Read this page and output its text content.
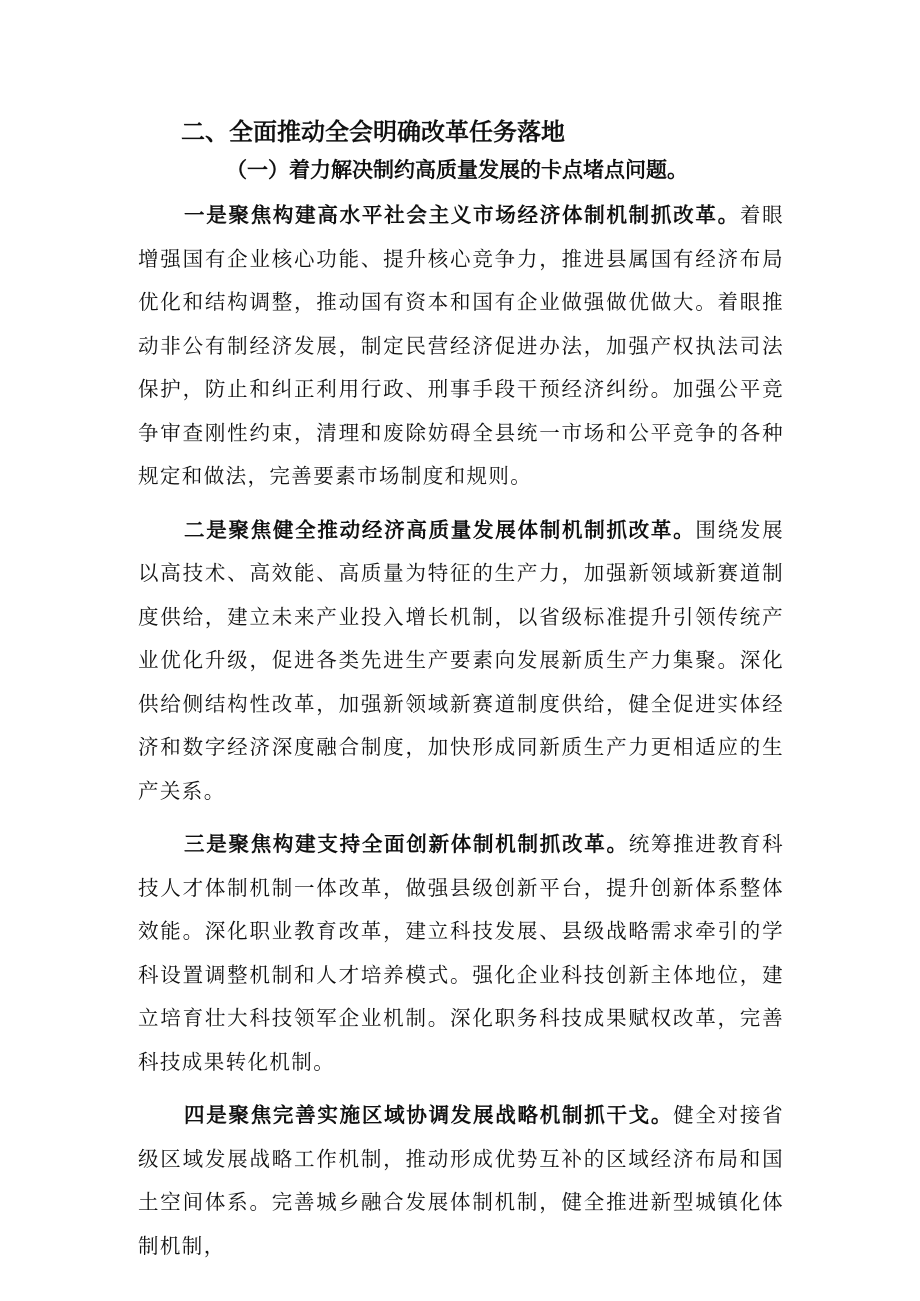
二、全面推动全会明确改革任务落地
（一）着力解决制约高质量发展的卡点堵点问题。

一是聚焦构建高水平社会主义市场经济体制机制抓改革。着眼增强国有企业核心功能、提升核心竞争力，推进县属国有经济布局优化和结构调整，推动国有资本和国有企业做强做优做大。着眼推动非公有制经济发展，制定民营经济促进办法，加强产权执法司法保护，防止和纠正利用行政、刑事手段干预经济纠纷。加强公平竞争审查刚性约束，清理和废除妨碍全县统一市场和公平竞争的各种规定和做法，完善要素市场制度和规则。

二是聚焦健全推动经济高质量发展体制机制抓改革。围绕发展以高技术、高效能、高质量为特征的生产力，加强新领域新赛道制度供给，建立未来产业投入增长机制，以省级标准提升引领传统产业优化升级，促进各类先进生产要素向发展新质生产力集聚。深化供给侧结构性改革，加强新领域新赛道制度供给，健全促进实体经济和数字经济深度融合制度，加快形成同新质生产力更相适应的生产关系。

三是聚焦构建支持全面创新体制机制抓改革。统筹推进教育科技人才体制机制一体改革，做强县级创新平台，提升创新体系整体效能。深化职业教育改革，建立科技发展、县级战略需求牵引的学科设置调整机制和人才培养模式。强化企业科技创新主体地位，建立培育壮大科技领军企业机制。深化职务科技成果赋权改革，完善科技成果转化机制。

四是聚焦完善实施区域协调发展战略机制抓干戈。健全对接省级区域发展战略工作机制，推动形成优势互补的区域经济布局和国土空间体系。完善城乡融合发展体制机制，健全推进新型城镇化体制机制，
